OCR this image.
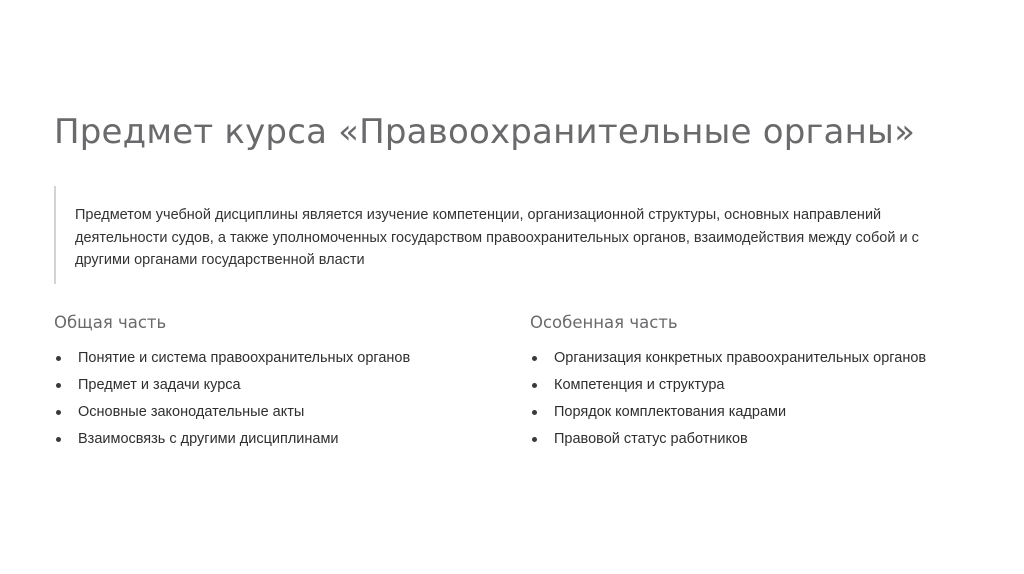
Предмет курса «Правоохранительные органы»
Предметом учебной дисциплины является изучение компетенции, организационной структуры, основных направлений деятельности судов, а также уполномоченных государством правоохранительных органов, взаимодействия между собой и с другими органами государственной власти
Общая часть
Понятие и система правоохранительных органов
Предмет и задачи курса
Основные законодательные акты
Взаимосвязь с другими дисциплинами
Особенная часть
Организация конкретных правоохранительных органов
Компетенция и структура
Порядок комплектования кадрами
Правовой статус работников
